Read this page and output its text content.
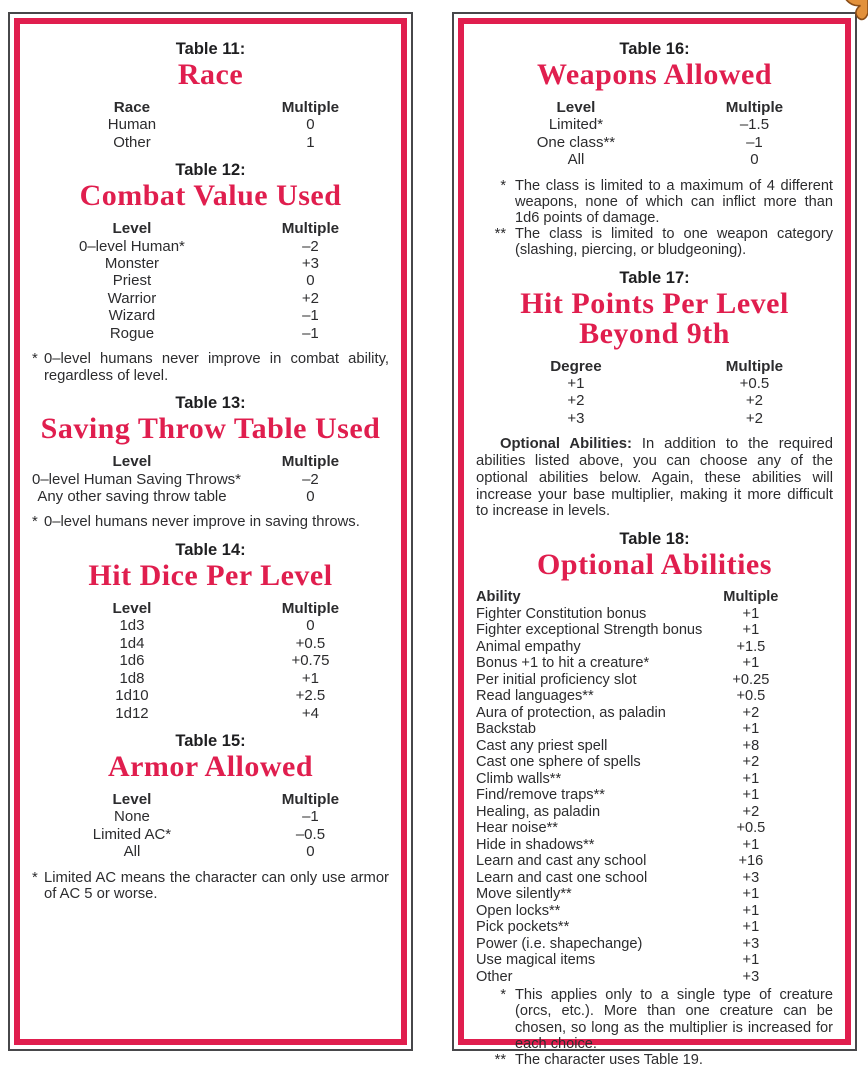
Table 11:
Race
Race	Multiple
Human	0
Other	1
Table 12:
Combat Value Used
Level	Multiple
0–level Human*	–2
Monster	+3
Priest	0
Warrior	+2
Wizard	–1
Rogue	–1
* 0–level humans never improve in combat ability, regardless of level.
Table 13:
Saving Throw Table Used
Level	Multiple
0–level Human Saving Throws*	–2
Any other saving throw table	0
* 0–level humans never improve in saving throws.
Table 14:
Hit Dice Per Level
Level	Multiple
1d3	0
1d4	+0.5
1d6	+0.75
1d8	+1
1d10	+2.5
1d12	+4
Table 15:
Armor Allowed
Level	Multiple
None	–1
Limited AC*	–0.5
All	0
* Limited AC means the character can only use armor of AC 5 or worse.
Table 16:
Weapons Allowed
Level	Multiple
Limited*	–1.5
One class**	–1
All	0
* The class is limited to a maximum of 4 different weapons, none of which can inflict more than 1d6 points of damage.
** The class is limited to one weapon category (slashing, piercing, or bludgeoning).
Table 17:
Hit Points Per Level
Beyond 9th
Degree	Multiple
+1	+0.5
+2	+2
+3	+2
Optional Abilities: In addition to the required abilities listed above, you can choose any of the optional abilities below. Again, these abilities will increase your base multiplier, making it more difficult to increase in levels.
Table 18:
Optional Abilities
Ability	Multiple
Fighter Constitution bonus	+1
Fighter exceptional Strength bonus	+1
Animal empathy	+1.5
Bonus +1 to hit a creature*	+1
Per initial proficiency slot	+0.25
Read languages**	+0.5
Aura of protection, as paladin	+2
Backstab	+1
Cast any priest spell	+8
Cast one sphere of spells	+2
Climb walls**	+1
Find/remove traps**	+1
Healing, as paladin	+2
Hear noise**	+0.5
Hide in shadows**	+1
Learn and cast any school	+16
Learn and cast one school	+3
Move silently**	+1
Open locks**	+1
Pick pockets**	+1
Power (i.e. shapechange)	+3
Use magical items	+1
Other	+3
* This applies only to a single type of creature (orcs, etc.). More than one creature can be chosen, so long as the multiplier is increased for each choice.
** The character uses Table 19.
